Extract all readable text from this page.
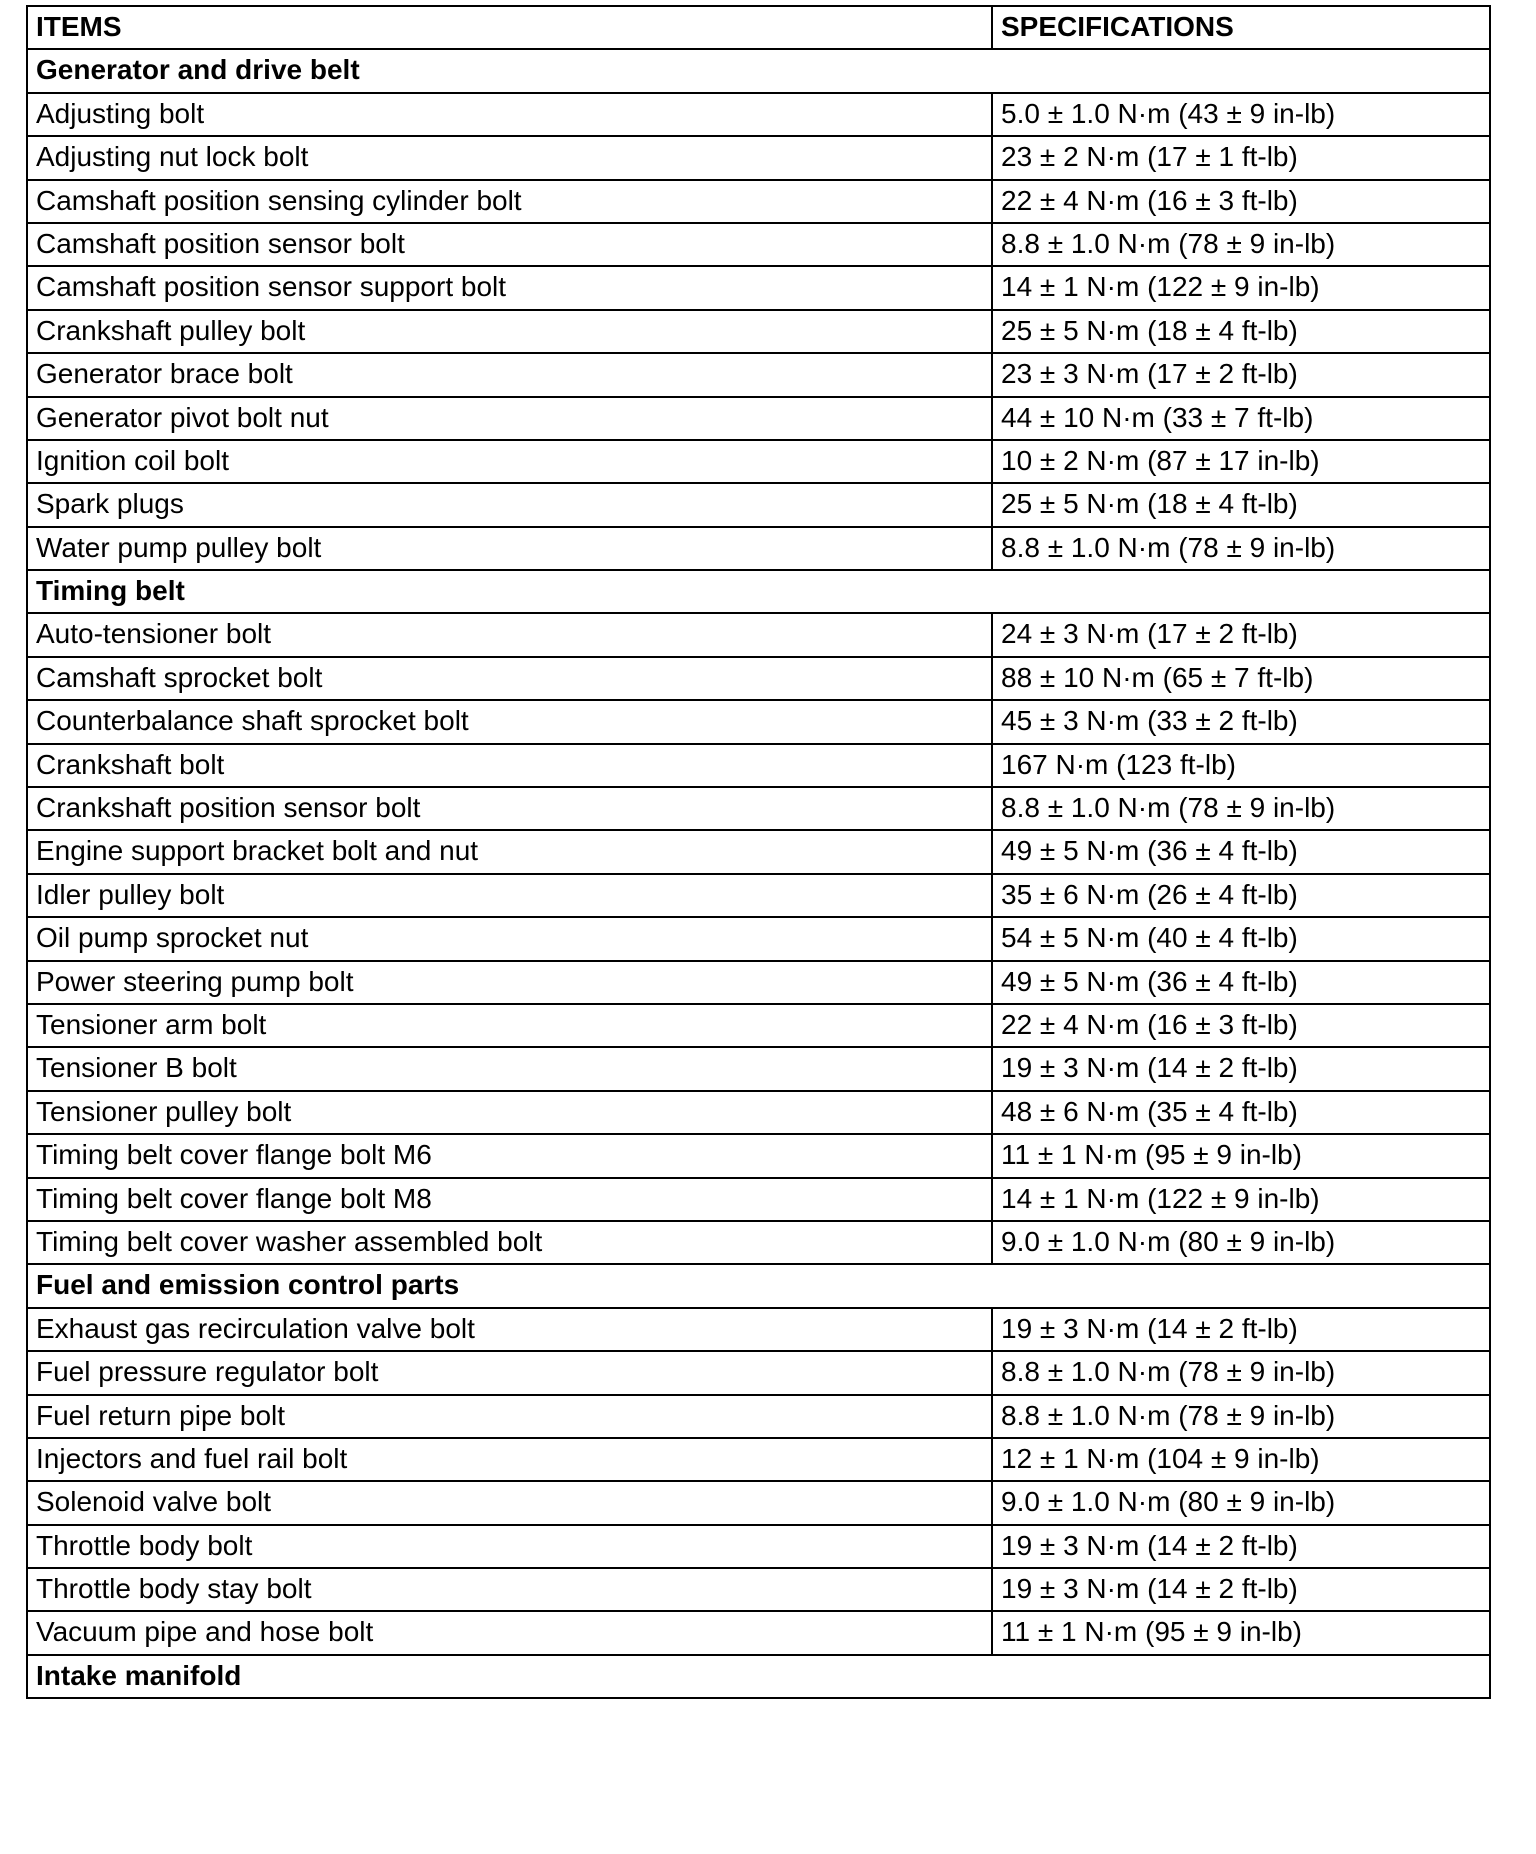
ITEMS	SPECIFICATIONS
Generator and drive belt	
Adjusting bolt	5.0 ± 1.0 N·m (43 ± 9 in-lb)
Adjusting nut lock bolt	23 ± 2 N·m (17 ± 1 ft-lb)
Camshaft position sensing cylinder bolt	22 ± 4 N·m (16 ± 3 ft-lb)
Camshaft position sensor bolt	8.8 ± 1.0 N·m (78 ± 9 in-lb)
Camshaft position sensor support bolt	14 ± 1 N·m (122 ± 9 in-lb)
Crankshaft pulley bolt	25 ± 5 N·m (18 ± 4 ft-lb)
Generator brace bolt	23 ± 3 N·m (17 ± 2 ft-lb)
Generator pivot bolt nut	44 ± 10 N·m (33 ± 7 ft-lb)
Ignition coil bolt	10 ± 2 N·m (87 ± 17 in-lb)
Spark plugs	25 ± 5 N·m (18 ± 4 ft-lb)
Water pump pulley bolt	8.8 ± 1.0 N·m (78 ± 9 in-lb)
Timing belt	
Auto-tensioner bolt	24 ± 3 N·m (17 ± 2 ft-lb)
Camshaft sprocket bolt	88 ± 10 N·m (65 ± 7 ft-lb)
Counterbalance shaft sprocket bolt	45 ± 3 N·m (33 ± 2 ft-lb)
Crankshaft bolt	167 N·m (123 ft-lb)
Crankshaft position sensor bolt	8.8 ± 1.0 N·m (78 ± 9 in-lb)
Engine support bracket bolt and nut	49 ± 5 N·m (36 ± 4 ft-lb)
Idler pulley bolt	35 ± 6 N·m (26 ± 4 ft-lb)
Oil pump sprocket nut	54 ± 5 N·m (40 ± 4 ft-lb)
Power steering pump bolt	49 ± 5 N·m (36 ± 4 ft-lb)
Tensioner arm bolt	22 ± 4 N·m (16 ± 3 ft-lb)
Tensioner B bolt	19 ± 3 N·m (14 ± 2 ft-lb)
Tensioner pulley bolt	48 ± 6 N·m (35 ± 4 ft-lb)
Timing belt cover flange bolt M6	11 ± 1 N·m (95 ± 9 in-lb)
Timing belt cover flange bolt M8	14 ± 1 N·m (122 ± 9 in-lb)
Timing belt cover washer assembled bolt	9.0 ± 1.0 N·m (80 ± 9 in-lb)
Fuel and emission control parts	
Exhaust gas recirculation valve bolt	19 ± 3 N·m (14 ± 2 ft-lb)
Fuel pressure regulator bolt	8.8 ± 1.0 N·m (78 ± 9 in-lb)
Fuel return pipe bolt	8.8 ± 1.0 N·m (78 ± 9 in-lb)
Injectors and fuel rail bolt	12 ± 1 N·m (104 ± 9 in-lb)
Solenoid valve bolt	9.0 ± 1.0 N·m (80 ± 9 in-lb)
Throttle body bolt	19 ± 3 N·m (14 ± 2 ft-lb)
Throttle body stay bolt	19 ± 3 N·m (14 ± 2 ft-lb)
Vacuum pipe and hose bolt	11 ± 1 N·m (95 ± 9 in-lb)
Intake manifold	
